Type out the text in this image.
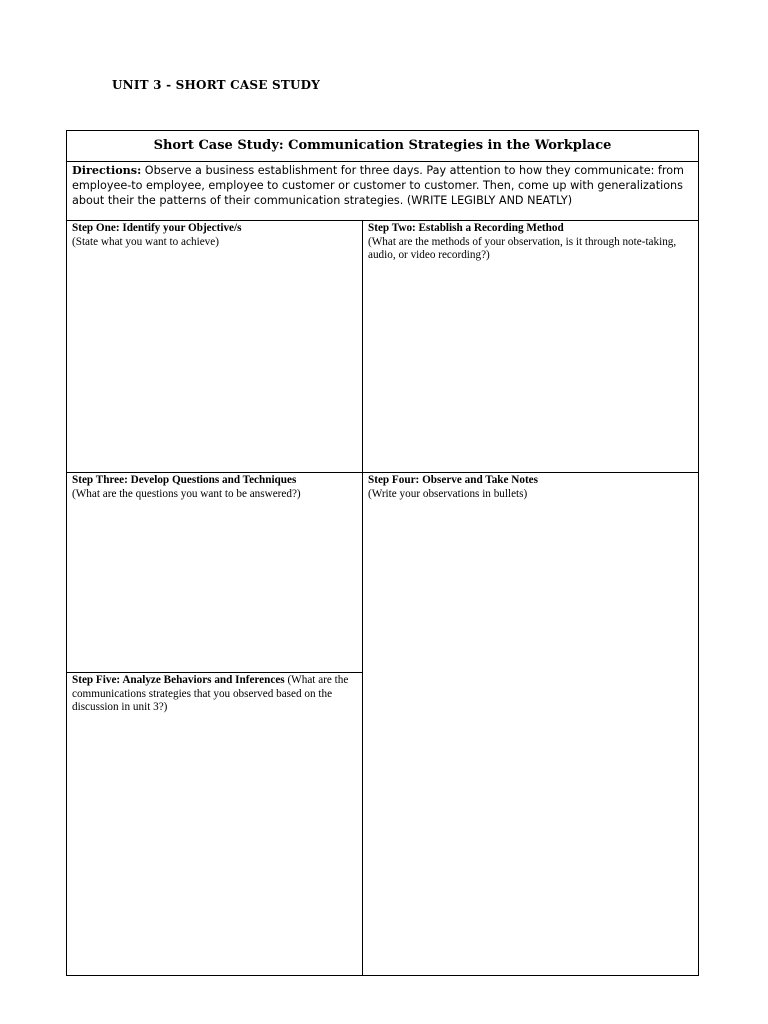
UNIT 3 - SHORT CASE STUDY
Short Case Study: Communication Strategies in the Workplace
Directions: Observe a business establishment for three days. Pay attention to how they communicate: from employee-to employee, employee to customer or customer to customer. Then, come up with generalizations about their the patterns of their communication strategies. (WRITE LEGIBLY AND NEATLY)
Step One: Identify your Objective/s
(State what you want to achieve)
Step Two: Establish a Recording Method
(What are the methods of your observation, is it through note-taking, audio, or video recording?)
Step Three: Develop Questions and Techniques
(What are the questions you want to be answered?)
Step Four: Observe and Take Notes
(Write your observations in bullets)
Step Five: Analyze Behaviors and Inferences (What are the communications strategies that you observed based on the discussion in unit 3?)
